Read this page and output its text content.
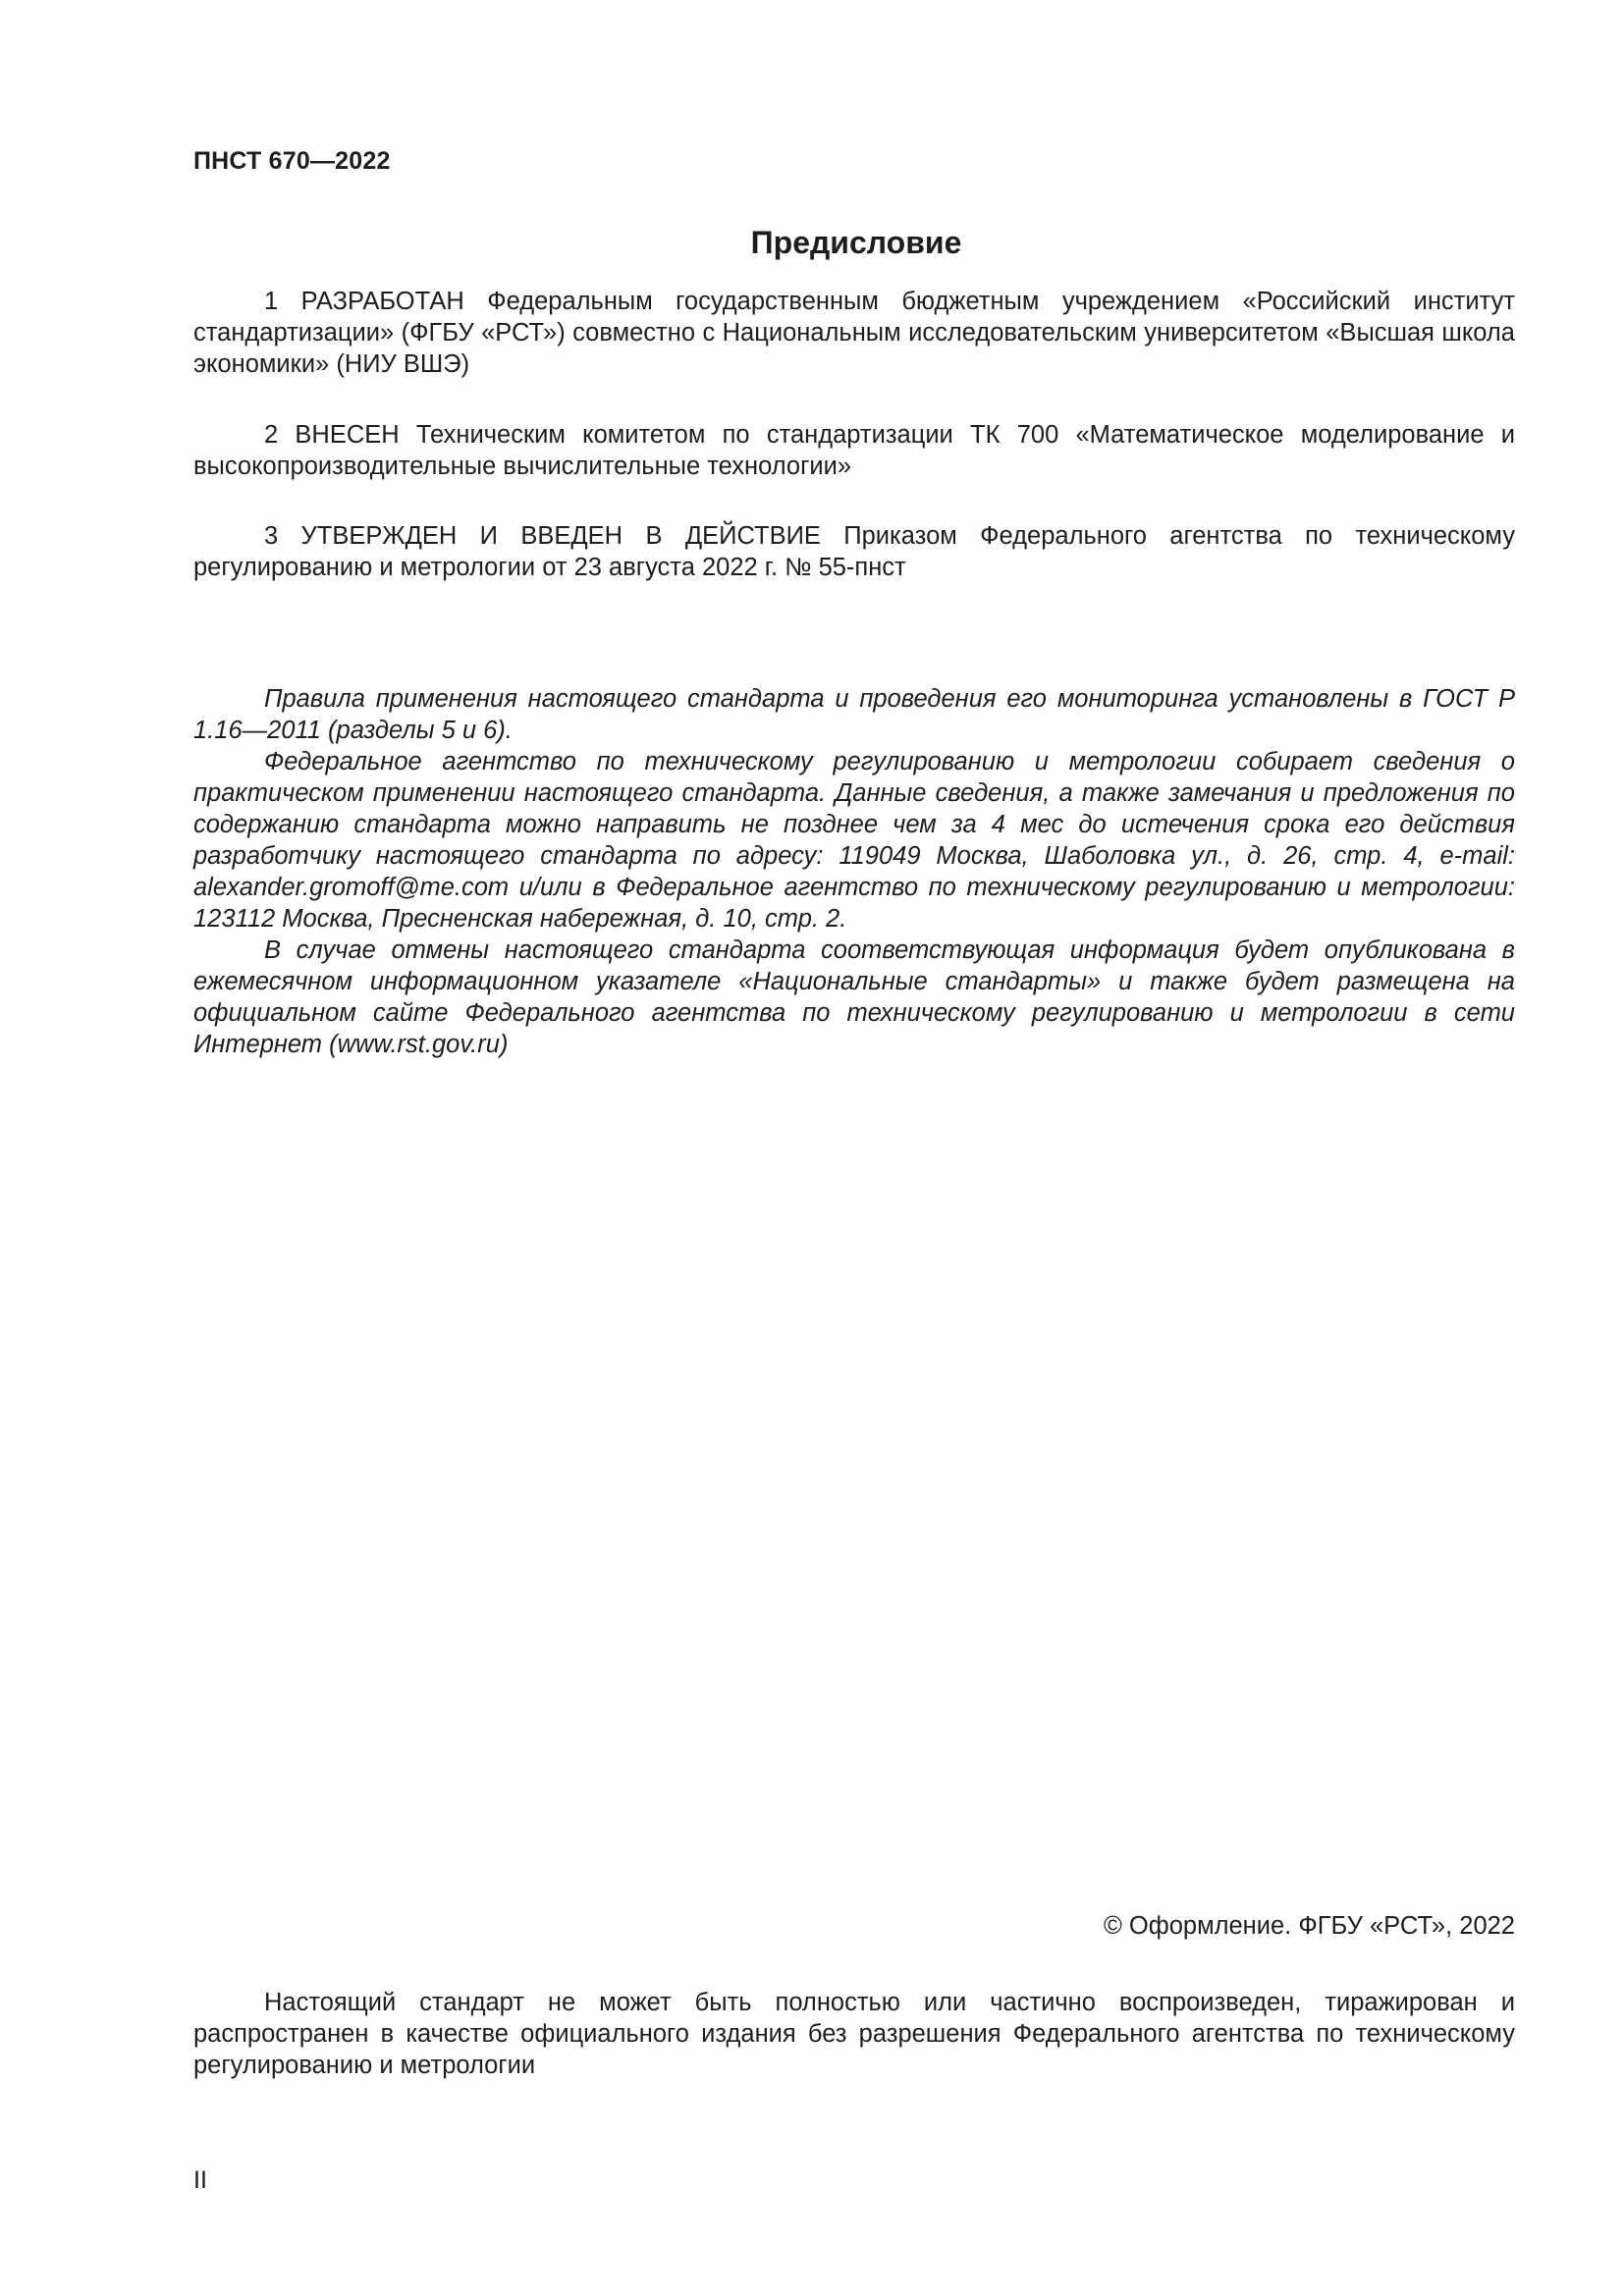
ПНСТ 670—2022
Предисловие

1 РАЗРАБОТАН Федеральным государственным бюджетным учреждением «Российский институт стандартизации» (ФГБУ «РСТ») совместно с Национальным исследовательским университетом «Высшая школа экономики» (НИУ ВШЭ)

2 ВНЕСЕН Техническим комитетом по стандартизации ТК 700 «Математическое моделирование и высокопроизводительные вычислительные технологии»

3 УТВЕРЖДЕН И ВВЕДЕН В ДЕЙСТВИЕ Приказом Федерального агентства по техническому регулированию и метрологии от 23 августа 2022 г. № 55-пнст

Правила применения настоящего стандарта и проведения его мониторинга установлены в ГОСТ Р 1.16—2011 (разделы 5 и 6).

Федеральное агентство по техническому регулированию и метрологии собирает сведения о практическом применении настоящего стандарта. Данные сведения, а также замечания и предложения по содержанию стандарта можно направить не позднее чем за 4 мес до истечения срока его действия разработчику настоящего стандарта по адресу: 119049 Москва, Шаболовка ул., д. 26, стр. 4, e-mail: alexander.gromoff@me.com и/или в Федеральное агентство по техническому регулированию и метрологии: 123112 Москва, Пресненская набережная, д. 10, стр. 2.

В случае отмены настоящего стандарта соответствующая информация будет опубликована в ежемесячном информационном указателе «Национальные стандарты» и также будет размещена на официальном сайте Федерального агентства по техническому регулированию и метрологии в сети Интернет (www.rst.gov.ru)

© Оформление. ФГБУ «РСТ», 2022

Настоящий стандарт не может быть полностью или частично воспроизведен, тиражирован и распространен в качестве официального издания без разрешения Федерального агентства по техническому регулированию и метрологии

II
